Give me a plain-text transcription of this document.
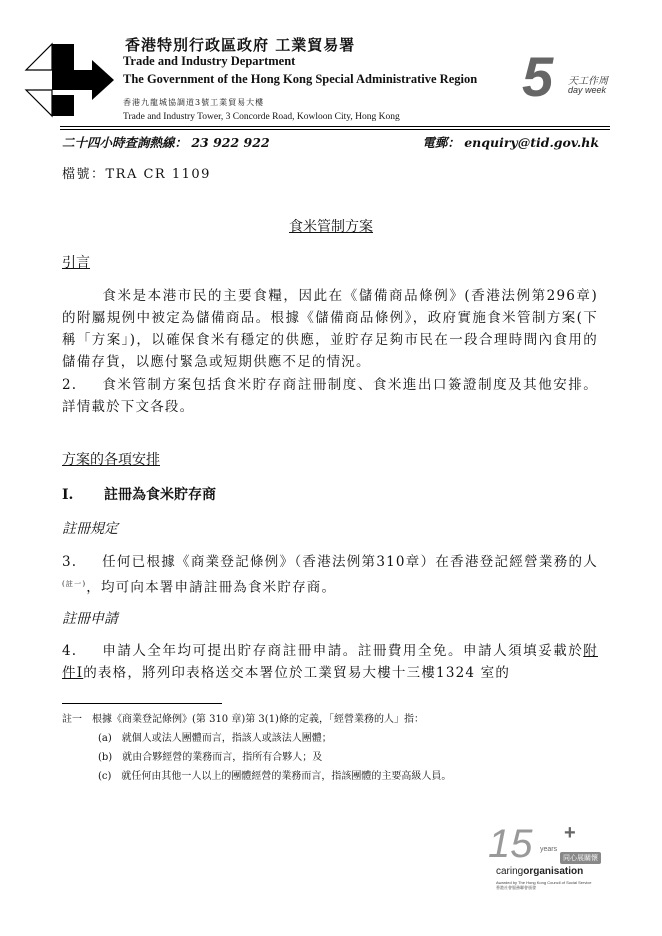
香港特別行政區政府 工業貿易署
Trade and Industry Department
The Government of the Hong Kong Special Administrative Region
香港九龍城協調道3號工業貿易大樓
Trade and Industry Tower, 3 Concorde Road, Kowloon City, Hong Kong
5 天工作周
day week
二十四小時查詢熱線： 23 922 922	電郵： enquiry@tid.gov.hk
檔號：TRA CR 1109
食米管制方案
引言
食米是本港市民的主要食糧，因此在《儲備商品條例》(香港法例第296章)的附屬規例中被定為儲備商品。根據《儲備商品條例》，政府實施食米管制方案(下稱「方案」)，以確保食米有穩定的供應，並貯存足夠市民在一段合理時間內食用的儲備存貨，以應付緊急或短期供應不足的情況。
2. 食米管制方案包括食米貯存商註冊制度、食米進出口簽證制度及其他安排。詳情載於下文各段。
方案的各項安排
I. 註冊為食米貯存商
註冊規定
3. 任何已根據《商業登記條例》（香港法例第310章）在香港登記經營業務的人$^{(註一)}$，均可向本署申請註冊為食米貯存商。
註冊申請
4. 申請人全年均可提出貯存商註冊申請。註冊費用全免。申請人須填妥載於附件I的表格，將列印表格送交本署位於工業貿易大樓十三樓1324 室的
註一　根據《商業登記條例》(第 310 章)第 3(1)條的定義，「經營業務的人」指：
(a)　就個人或法人團體而言，指該人或該法人團體；
(b)　就由合夥經營的業務而言，指所有合夥人；及
(c)　就任何由其他一人以上的團體經營的業務而言，指該團體的主要高級人員。
15 years
+
同心展關懷
caringorganisation
Awarded by The Hong Kong Council of Social Service
香港社會服務聯會頒發
